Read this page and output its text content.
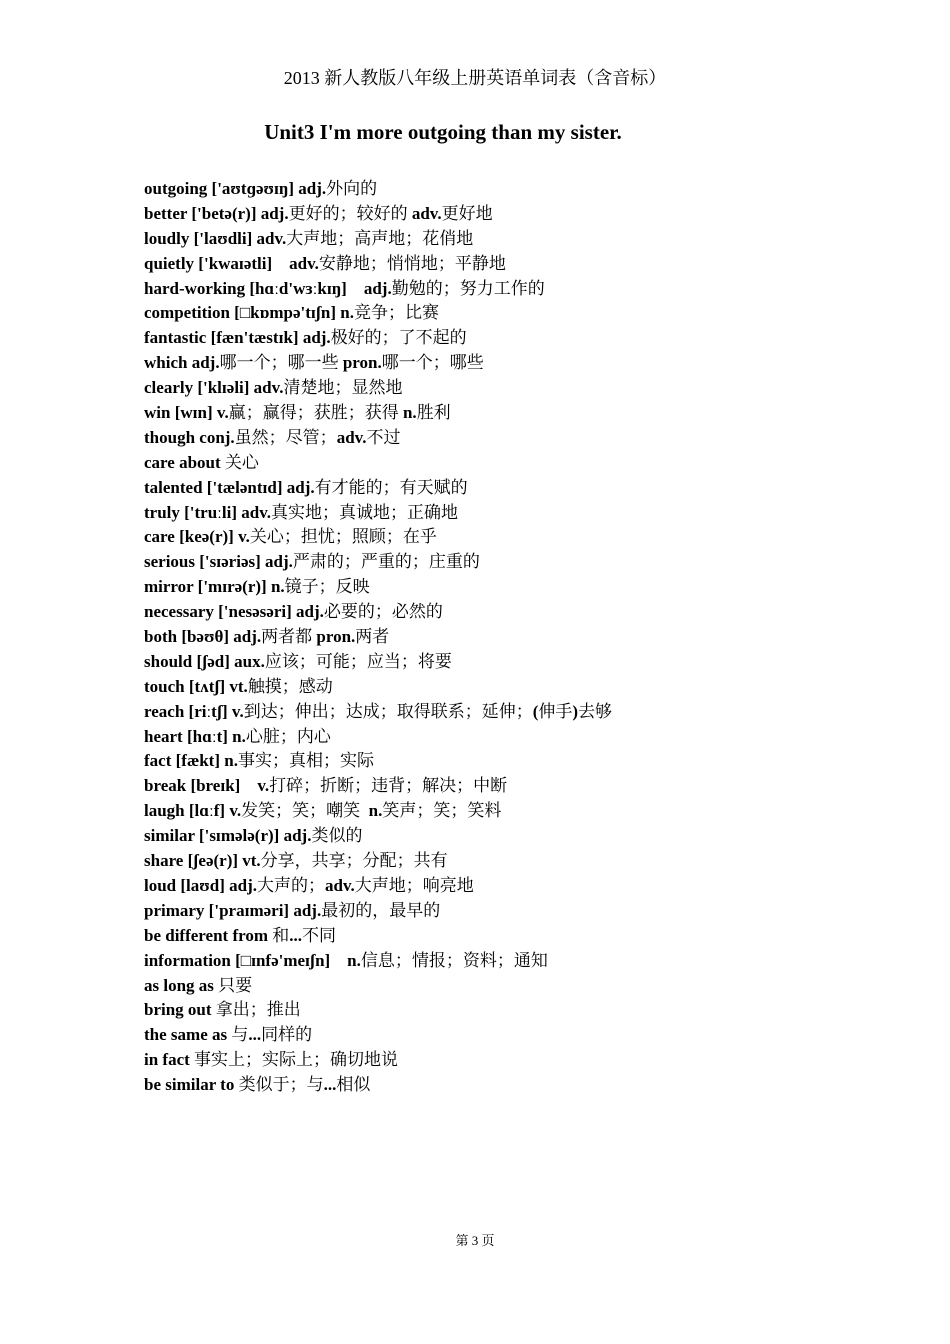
2013 新人教版八年级上册英语单词表（含音标）
Unit3 I'm more outgoing than my sister.
outgoing ['aʊtɡəʊɪŋ] adj.外向的
better ['betə(r)] adj.更好的；较好的 adv.更好地
loudly ['laʊdli] adv.大声地；高声地；花俏地
quietly ['kwaɪətli]    adv.安静地；悄悄地；平静地
hard-working [hɑːd'wɜːkɪŋ]    adj.勤勉的；努力工作的
competition [□kɒmpə'tɪʃn] n.竞争；比赛
fantastic [fæn'tæstɪk] adj.极好的；了不起的
which adj.哪一个；哪一些 pron.哪一个；哪些
clearly ['klɪəli] adv.清楚地；显然地
win [wɪn] v.赢；赢得；获胜；获得 n.胜利
though conj.虽然；尽管；adv.不过
care about 关心
talented ['tæləntɪd] adj.有才能的；有天赋的
truly ['truːli] adv.真实地；真诚地；正确地
care [keə(r)] v.关心；担忧；照顾；在乎
serious ['sɪəriəs] adj.严肃的；严重的；庄重的
mirror ['mɪrə(r)] n.镜子；反映
necessary ['nesəsəri] adj.必要的；必然的
both [bəʊθ] adj.两者都 pron.两者
should [ʃəd] aux.应该；可能；应当；将要
touch [tʌtʃ] vt.触摸；感动
reach [riːtʃ] v.到达；伸出；达成；取得联系；延伸；(伸手)去够
heart [hɑːt] n.心脏；内心
fact [fækt] n.事实；真相；实际
break [breɪk]    v.打碎；折断；违背；解决；中断
laugh [lɑːf] v.发笑；笑；嘲笑  n.笑声；笑；笑料
similar ['sɪmələ(r)] adj.类似的
share [ʃeə(r)] vt.分享，共享；分配；共有
loud [laʊd] adj.大声的；adv.大声地；响亮地
primary ['praɪməri] adj.最初的，最早的
be different from 和...不同
information [□ɪnfə'meɪʃn]    n.信息；情报；资料；通知
as long as 只要
bring out 拿出；推出
the same as 与...同样的
in fact 事实上；实际上；确切地说
be similar to 类似于；与...相似
第 3 页
